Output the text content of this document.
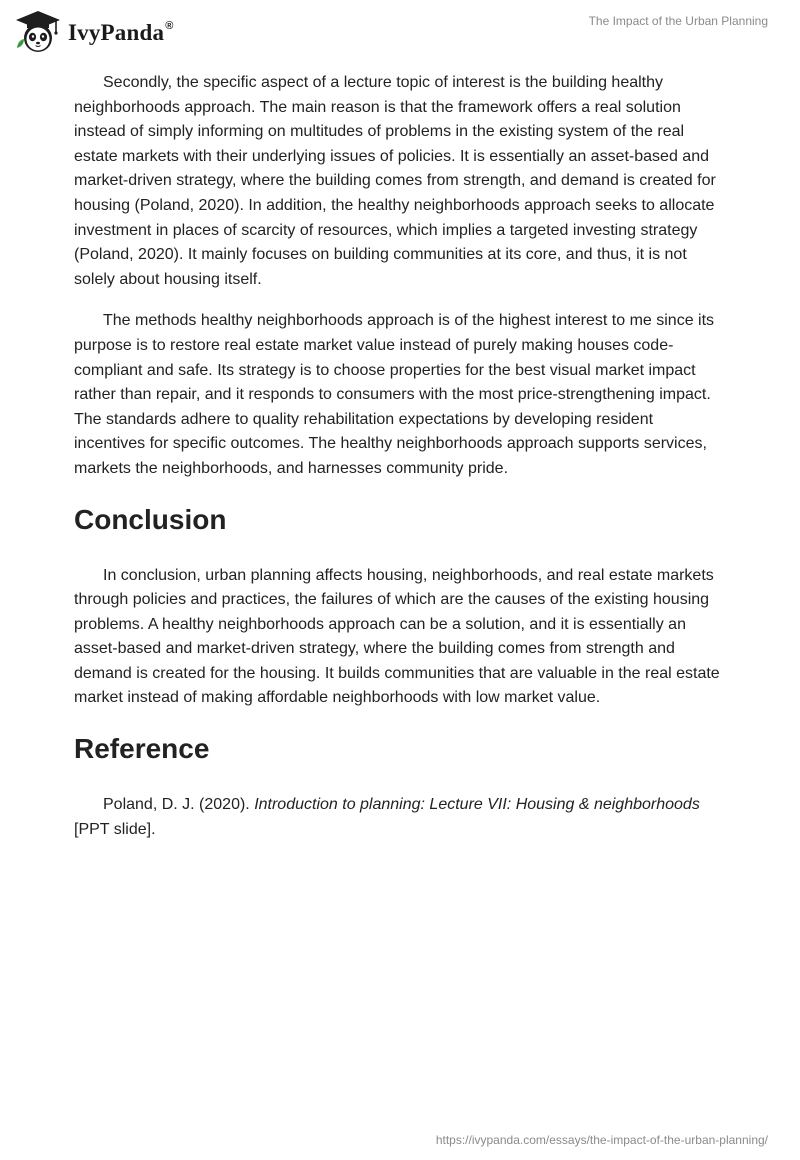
IvyPanda®	The Impact of the Urban Planning

Secondly, the specific aspect of a lecture topic of interest is the building healthy neighborhoods approach. The main reason is that the framework offers a real solution instead of simply informing on multitudes of problems in the existing system of the real estate markets with their underlying issues of policies. It is essentially an asset-based and market-driven strategy, where the building comes from strength, and demand is created for housing (Poland, 2020). In addition, the healthy neighborhoods approach seeks to allocate investment in places of scarcity of resources, which implies a targeted investing strategy (Poland, 2020). It mainly focuses on building communities at its core, and thus, it is not solely about housing itself.

The methods healthy neighborhoods approach is of the highest interest to me since its purpose is to restore real estate market value instead of purely making houses code-compliant and safe. Its strategy is to choose properties for the best visual market impact rather than repair, and it responds to consumers with the most price-strengthening impact. The standards adhere to quality rehabilitation expectations by developing resident incentives for specific outcomes. The healthy neighborhoods approach supports services, markets the neighborhoods, and harnesses community pride.

Conclusion

In conclusion, urban planning affects housing, neighborhoods, and real estate markets through policies and practices, the failures of which are the causes of the existing housing problems. A healthy neighborhoods approach can be a solution, and it is essentially an asset-based and market-driven strategy, where the building comes from strength and demand is created for the housing. It builds communities that are valuable in the real estate market instead of making affordable neighborhoods with low market value.

Reference

Poland, D. J. (2020). Introduction to planning: Lecture VII: Housing & neighborhoods [PPT slide].

https://ivypanda.com/essays/the-impact-of-the-urban-planning/
